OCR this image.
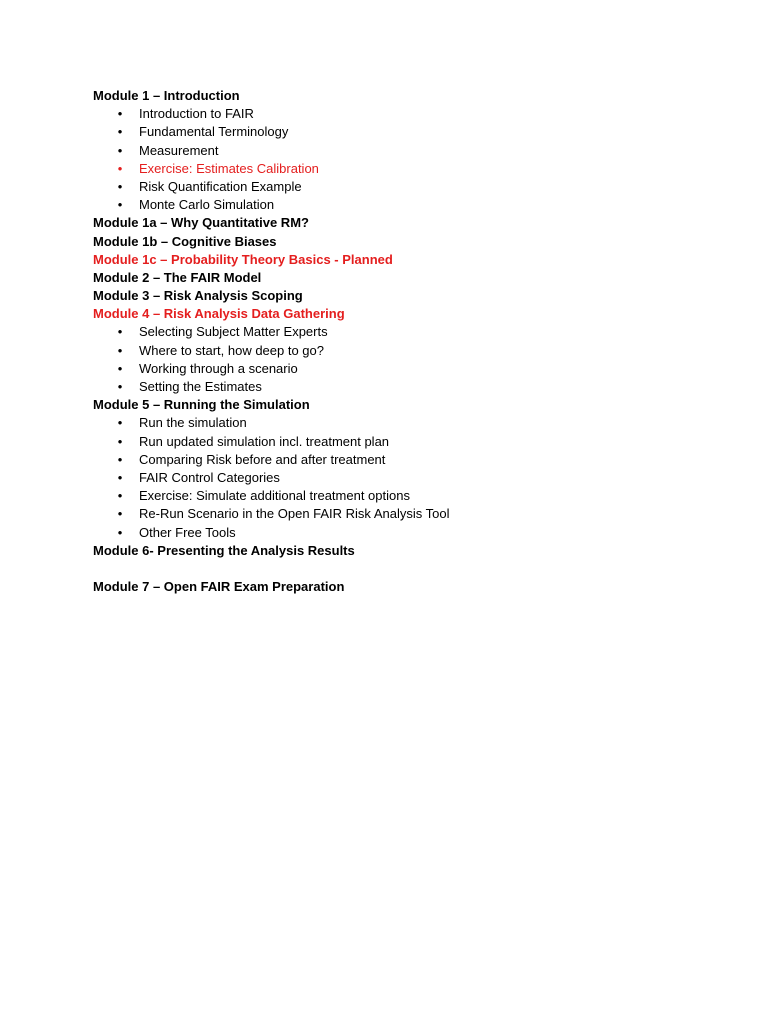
Module 1 – Introduction
• Introduction to FAIR
• Fundamental Terminology
• Measurement
• Exercise: Estimates Calibration
• Risk Quantification Example
• Monte Carlo Simulation
Module 1a – Why Quantitative RM?
Module 1b – Cognitive Biases
Module 1c – Probability Theory Basics - Planned
Module 2 – The FAIR Model
Module 3 – Risk Analysis Scoping
Module 4 – Risk Analysis Data Gathering
• Selecting Subject Matter Experts
• Where to start, how deep to go?
• Working through a scenario
• Setting the Estimates
Module 5 – Running the Simulation
• Run the simulation
• Run updated simulation incl. treatment plan
• Comparing Risk before and after treatment
• FAIR Control Categories
• Exercise: Simulate additional treatment options
• Re-Run Scenario in the Open FAIR Risk Analysis Tool
• Other Free Tools
Module 6- Presenting the Analysis Results
Module 7 – Open FAIR Exam Preparation
